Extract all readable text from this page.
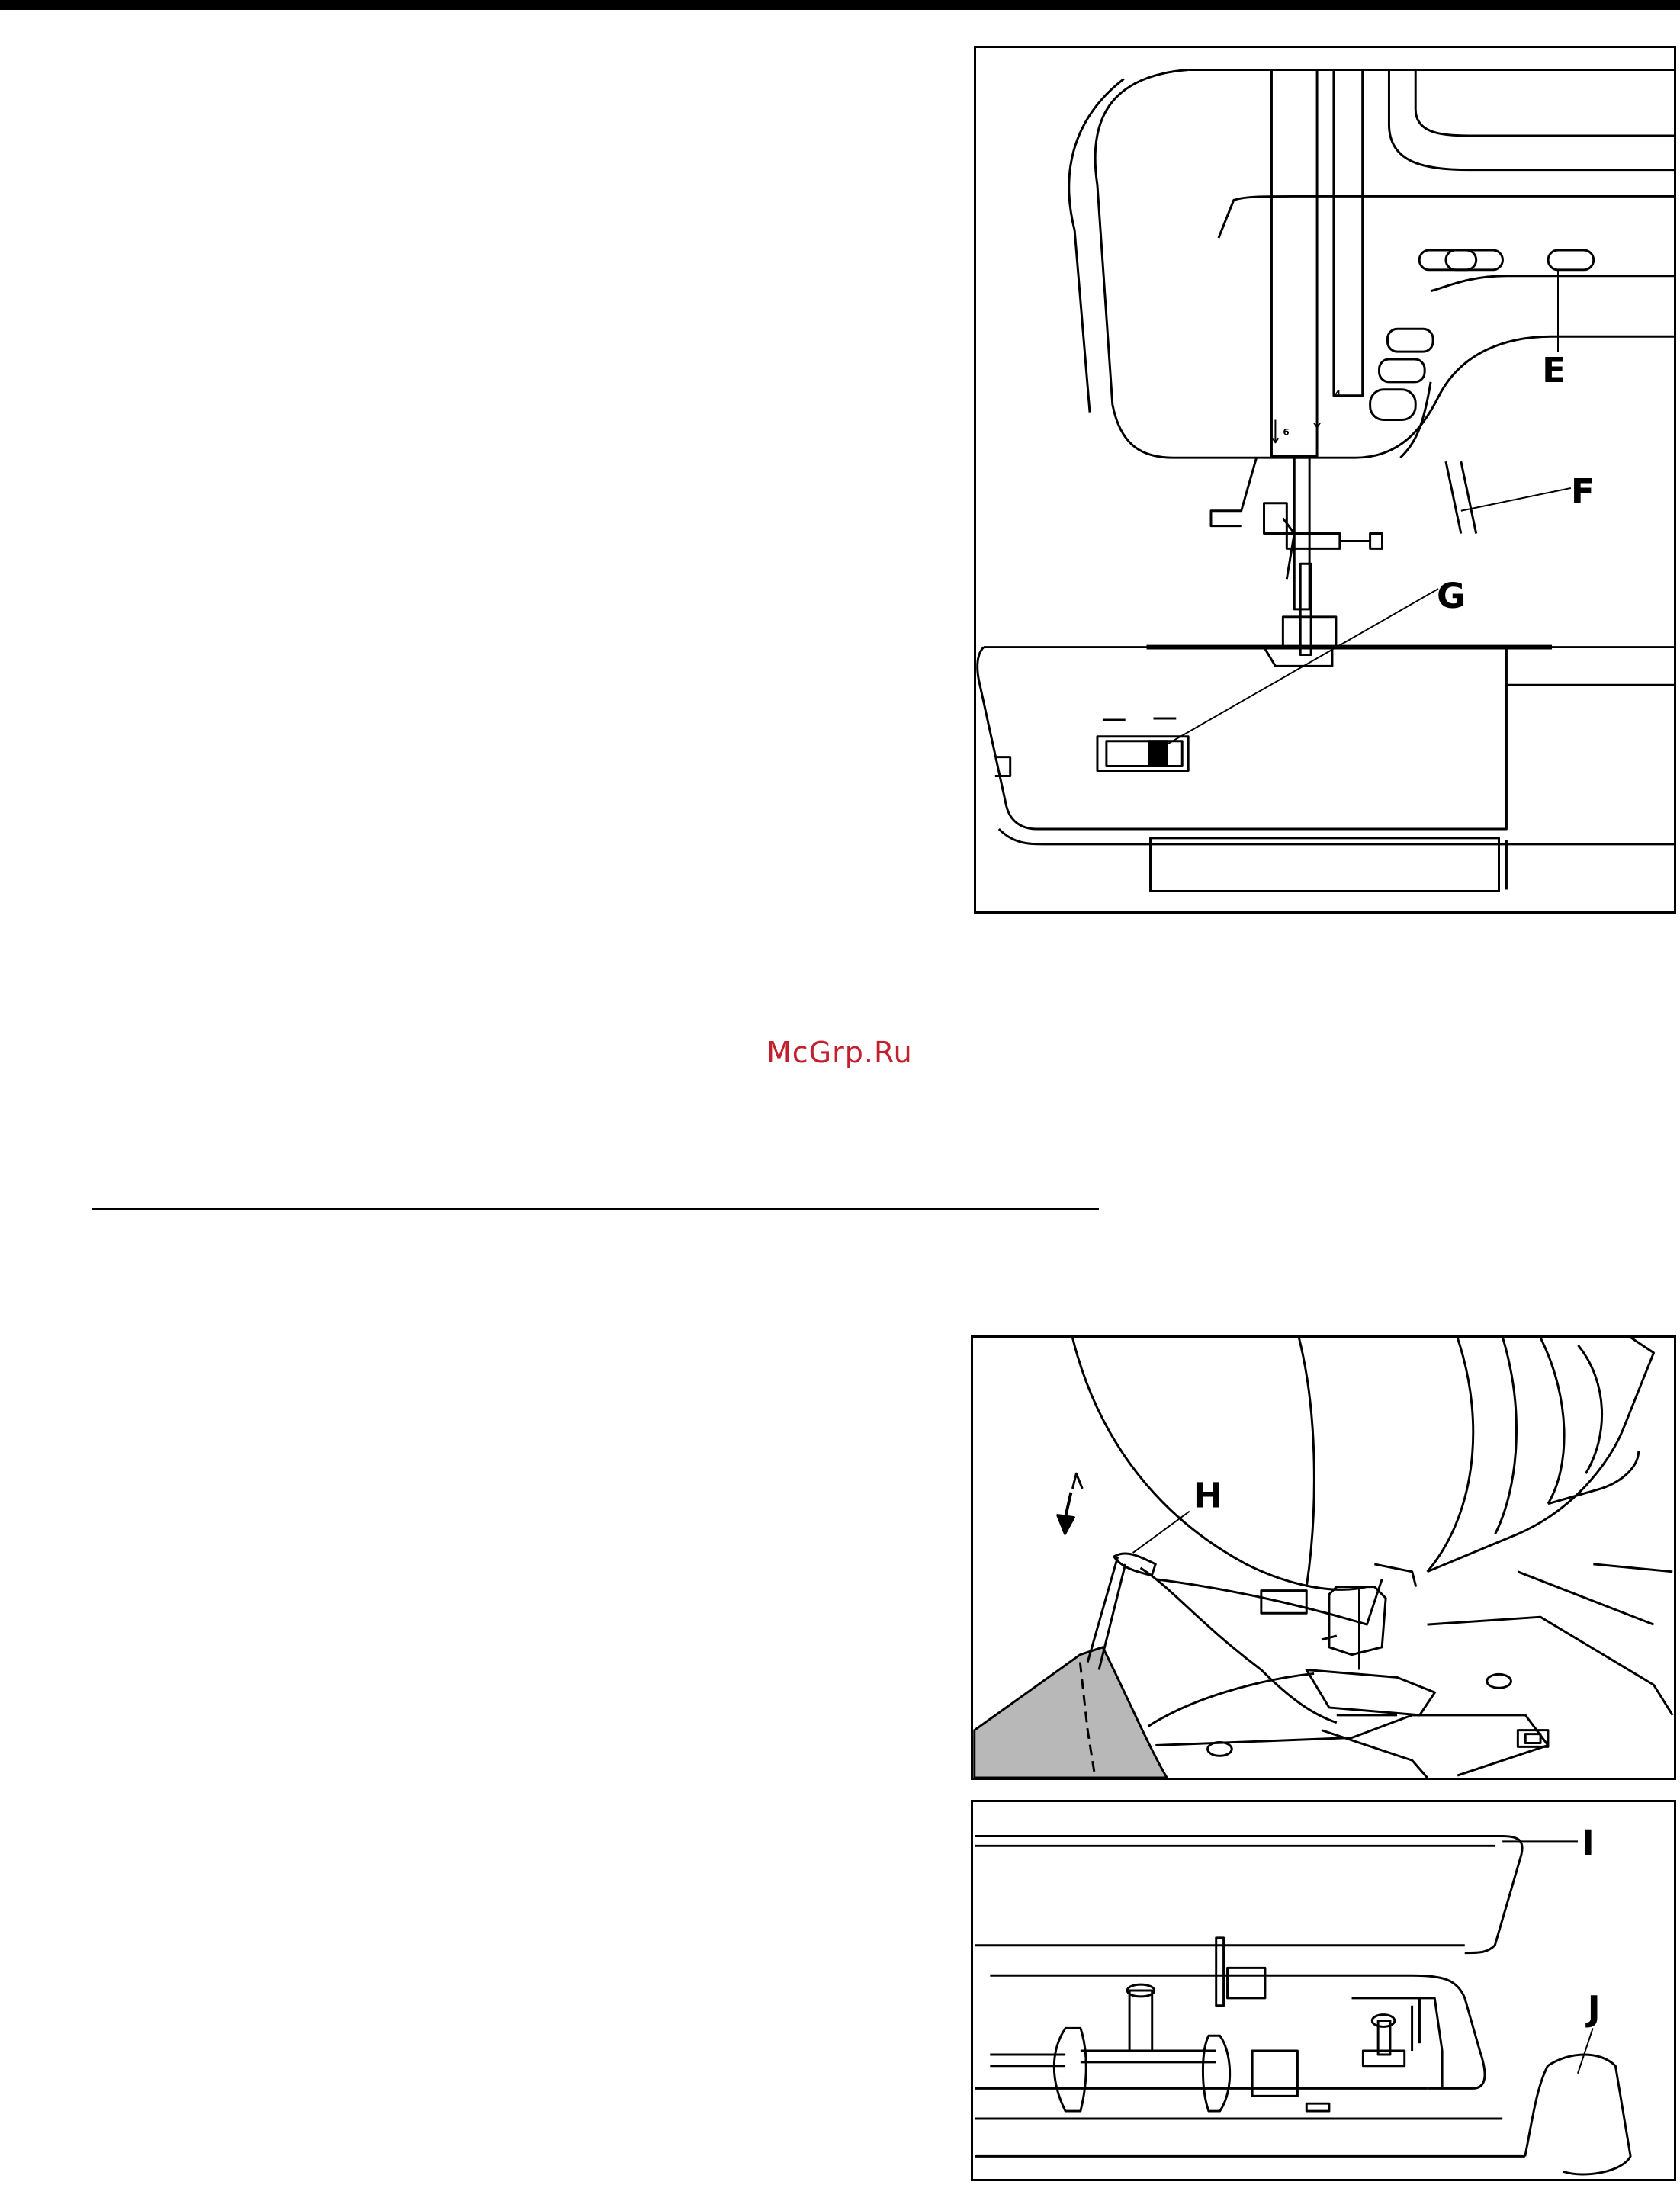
E
F
G
4
6
McGrp.Ru
H
I
J
